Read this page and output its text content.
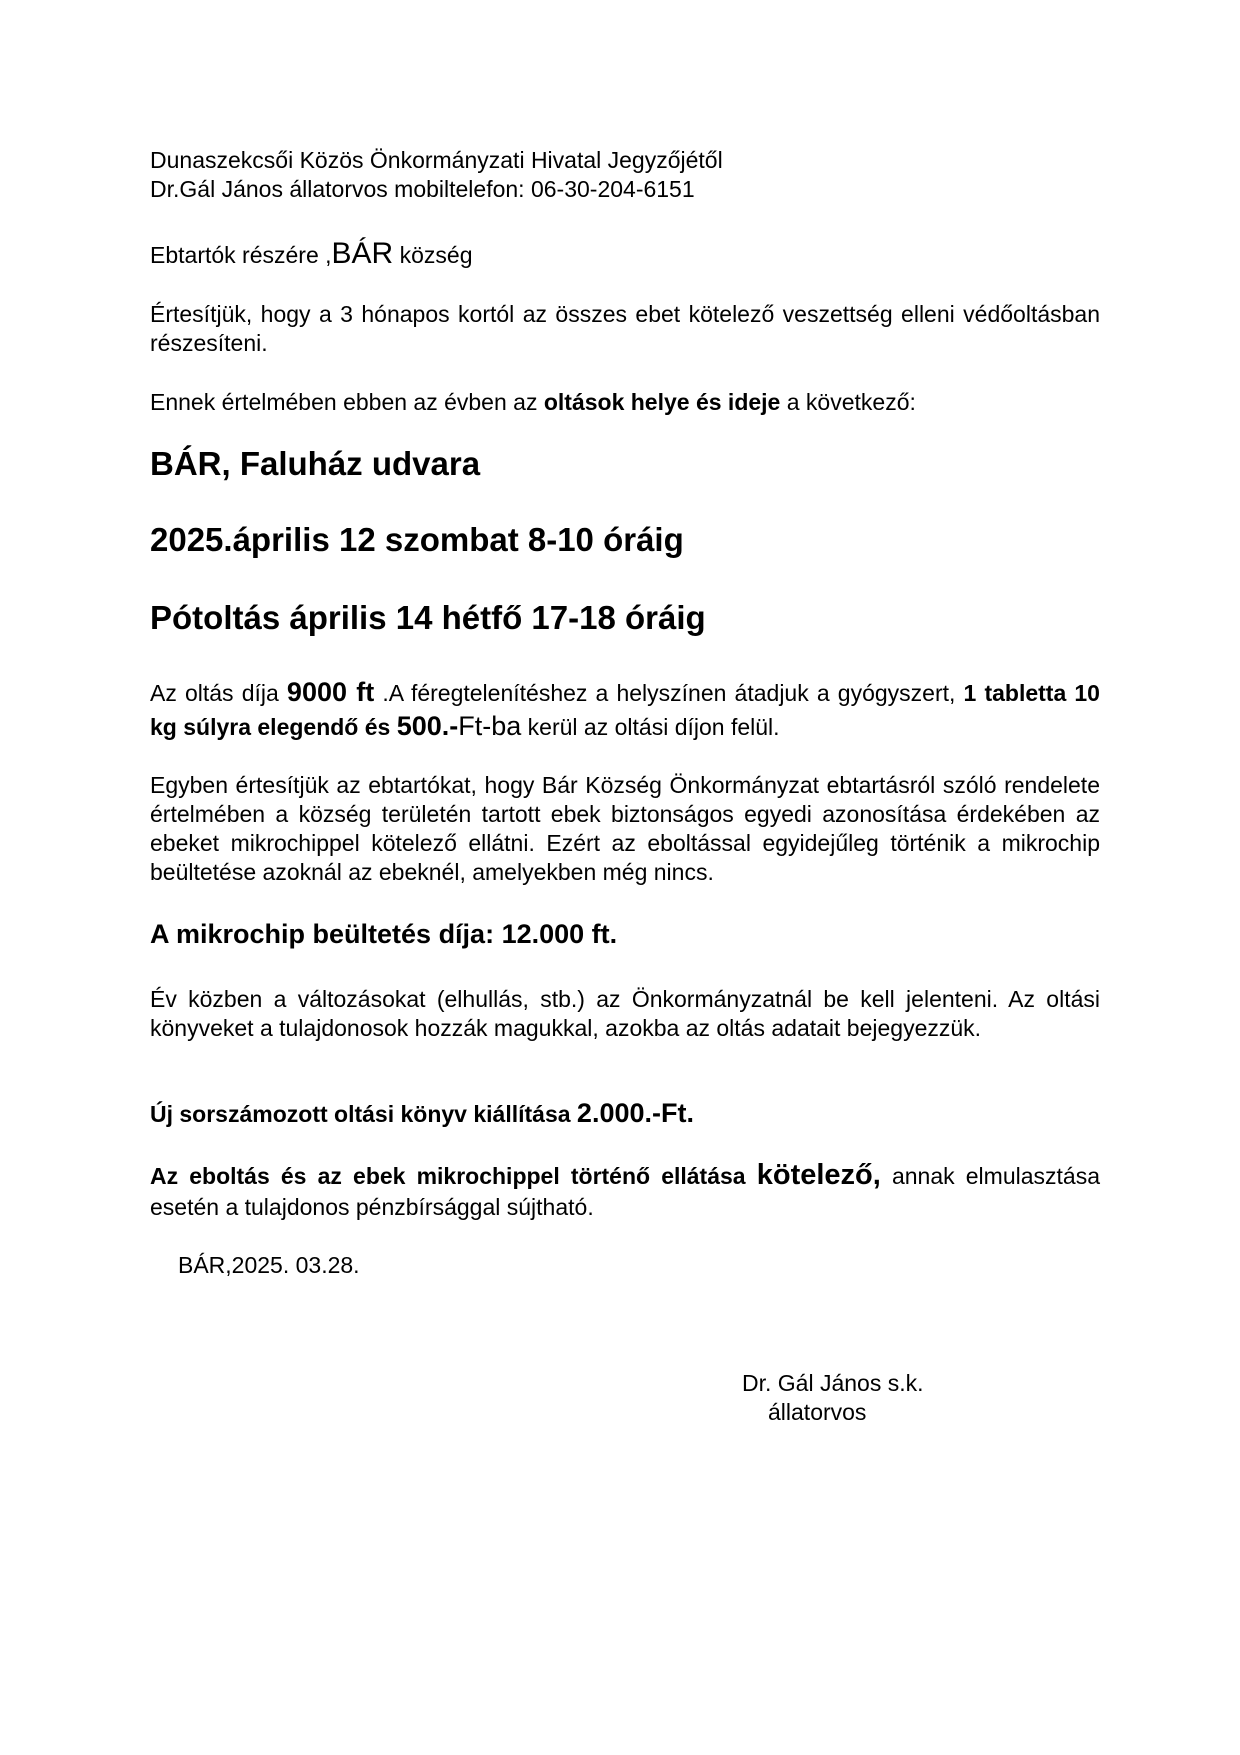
Dunaszekcsői Közös Önkormányzati Hivatal Jegyzőjétől
Dr.Gál János állatorvos mobiltelefon: 06-30-204-6151
Ebtartók részére ,BÁR község
Értesítjük, hogy a 3 hónapos kortól az összes ebet kötelező veszettség elleni védőoltásban részesíteni.
Ennek értelmében ebben az évben az oltások helye és ideje a következő:
BÁR, Faluház udvara
2025.április 12 szombat 8-10 óráig
Pótoltás április 14 hétfő 17-18 óráig
Az oltás díja 9000 ft .A féregtelenítéshez a helyszínen átadjuk a gyógyszert, 1 tabletta 10 kg súlyra elegendő és 500.-Ft-ba kerül az oltási díjon felül.
Egyben értesítjük az ebtartókat, hogy Bár Község Önkormányzat ebtartásról szóló rendelete értelmében a község területén tartott ebek biztonságos egyedi azonosítása érdekében az ebeket mikrochippel kötelező ellátni. Ezért az eboltással egyidejűleg történik a mikrochip beültetése azoknál az ebeknél, amelyekben még nincs.
A mikrochip beültetés díja: 12.000 ft.
Év közben a változásokat (elhullás, stb.) az Önkormányzatnál be kell jelenteni. Az oltási könyveket a tulajdonosok hozzák magukkal, azokba az oltás adatait bejegyezzük.
Új sorszámozott oltási könyv kiállítása 2.000.-Ft.
Az eboltás és az ebek mikrochippel történő ellátása kötelező, annak elmulasztása esetén a tulajdonos pénzbírsággal sújtható.
BÁR,2025. 03.28.
Dr. Gál János s.k.
állatorvos
